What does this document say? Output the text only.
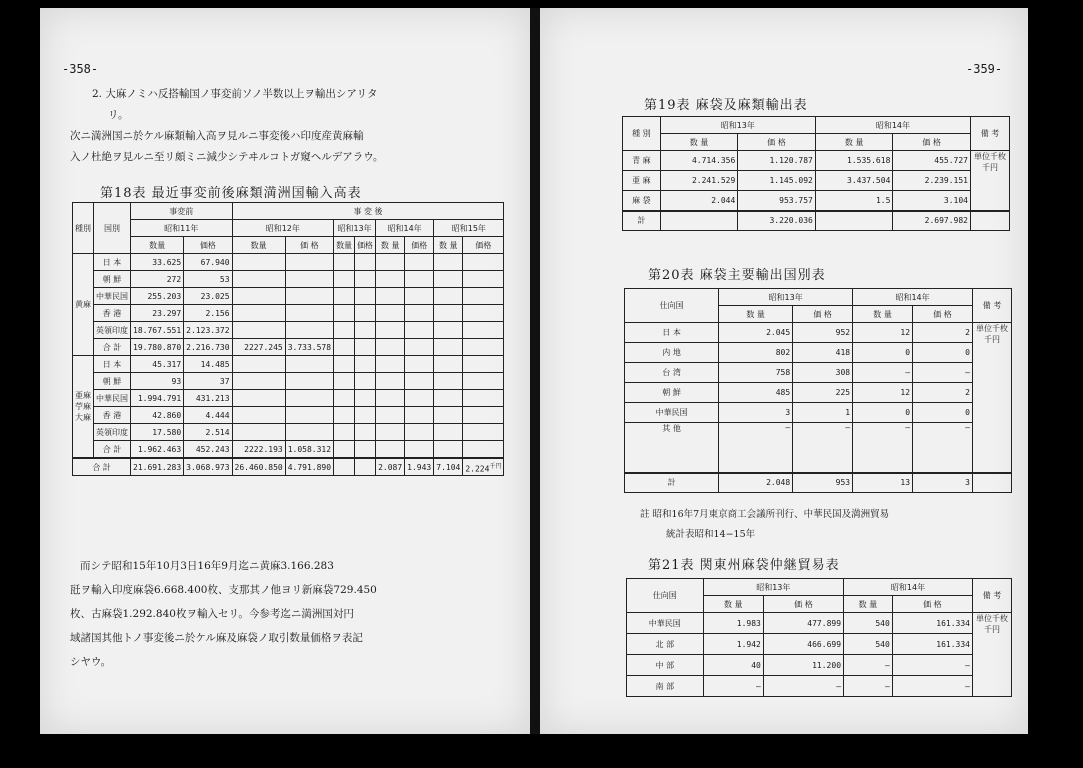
-358-
2. 大麻ノミハ反搭輸国ノ事変前ソノ半数以上ヲ輸出シアリタ
リ。
次ニ満洲国ニ於ケル麻類輸入高ヲ見ルニ事変後ハ印度産黄麻輸
入ノ杜絶ヲ見ルニ至リ頗ミニ減少シテヰルコトガ窺ヘルデアラウ。
第18表 最近事変前後麻類満洲国輸入高表
種別	国別	事変前		事 変 後							
		昭和11年		昭和12年		昭和13年		昭和14年		昭和15年	
		数量	価格	数量	価 格	数量	価格	数 量	価格	数 量	価格
黄麻	日 本	33.625	67.940								
	朝 鮮	272	53								
	中華民国	255.203	23.025								
	香 港	23.297	2.156								
	英領印度	18.767.551	2.123.372								
	合 計	19.780.870	2.216.730	2227.245	3.733.578						
亜麻苧麻大麻	日 本	45.317	14.485								
	朝 鮮	93	37								
	中華民国	1.994.791	431.213								
	香 港	42.860	4.444								
	英領印度	17.580	2.514								
	合 計	1.962.463	452.243	2222.193	1.058.312						
合 計		21.691.283	3.068.973	26.460.850	4.791.890			2.087	1.943	7.104	$2.224^{千円}$
而シテ昭和15年10月3日16年9月迄ニ黄麻3.166.283
瓩ヲ輸入印度麻袋6.668.400枚、支那其ノ他ヨリ新麻袋729.450
枚、古麻袋1.292.840枚ヲ輸入セリ。今参考迄ニ満洲国対円
域諸国其他トノ事変後ニ於ケル麻及麻袋ノ取引数量価格ヲ表記
シヤウ。
-359-
第19表 麻袋及麻類輸出表
種 別	昭和13年		昭和14年		備 考
	数 量	価 格	数 量	価 格	
青 麻	4.714.356	1.120.787	1.535.618	455.727	単位千枚千円
亜 麻	2.241.529	1.145.092	3.437.504	2.239.151	
麻 袋	2.044	953.757	1.5	3.104	
計		3.220.036		2.697.982	
第20表 麻袋主要輸出国別表
仕向国	昭和13年		昭和14年		備 考
	数 量	価 格	数 量	価 格	
日 本	2.045	952	12	2	単位千枚千円
内 地	802	418	0	0	
台 湾	758	308	—	—	
朝 鮮	485	225	12	2	
中華民国	3	1	0	0	
其 他	—	—	—	—	
計	2.048	953	13	3	
註 昭和16年7月東京商工会議所刊行、中華民国及満洲貿易
統計表昭和14−15年
第21表 関東州麻袋仲継貿易表
仕向国	昭和13年		昭和14年		備 考
	数 量	価 格	数 量	価 格	
中華民国	1.983	477.899	540	161.334	単位千枚千円
北 部	1.942	466.699	540	161.334	
中 部	40	11.200	—	—	
南 部	—	—	—	—	
